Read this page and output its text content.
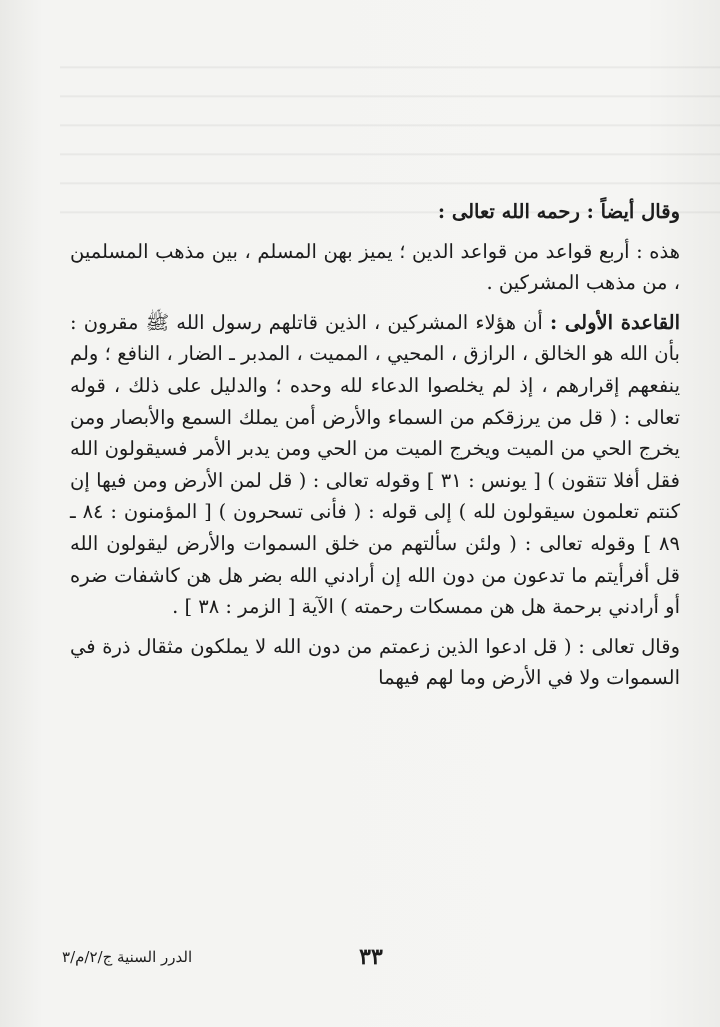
وقال أيضاً : رحمه الله تعالى :

هذه : أربع قواعد من قواعد الدين ؛ يميز بهن المسلم ، بين مذهب المسلمين ، من مذهب المشركين .

القاعدة الأولى : أن هؤلاء المشركين ، الذين قاتلهم رسول الله ﷺ مقرون : بأن الله هو الخالق ، الرازق ، المحيي ، المميت ، المدبر ـ الضار ، النافع ؛ ولم ينفعهم إقرارهم ، إذ لم يخلصوا الدعاء لله وحده ؛ والدليل على ذلك ، قوله تعالى : ( قل من يرزقكم من السماء والأرض أمن يملك السمع والأبصار ومن يخرج الحي من الميت ويخرج الميت من الحي ومن يدبر الأمر فسيقولون الله فقل أفلا تتقون ) [ يونس : ٣١ ] وقوله تعالى : ( قل لمن الأرض ومن فيها إن كنتم تعلمون سيقولون لله ) إلى قوله : ( فأنى تسحرون ) [ المؤمنون : ٨٤ ـ ٨٩ ] وقوله تعالى : ( ولئن سألتهم من خلق السموات والأرض ليقولون الله قل أفرأيتم ما تدعون من دون الله إن أرادني الله بضر هل هن كاشفات ضره أو أرادني برحمة هل هن ممسكات رحمته ) الآية [ الزمر : ٣٨ ] .

وقال تعالى : ( قل ادعوا الذين زعمتم من دون الله لا يملكون مثقال ذرة في السموات ولا في الأرض وما لهم فيهما

٣٣
الدرر السنية ج/٢/م/٣
